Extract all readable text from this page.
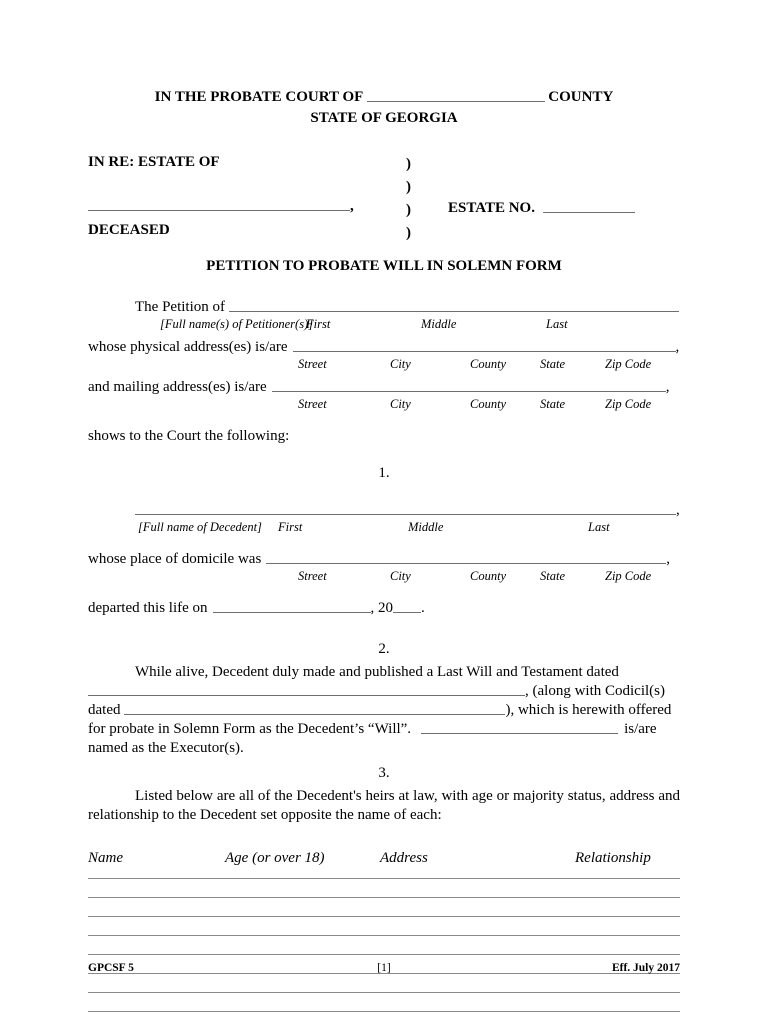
IN THE PROBATE COURT OF	COUNTY
STATE OF GEORGIA
IN RE: ESTATE OF
,
DECEASED
)
)
)
)
ESTATE NO.
PETITION TO PROBATE WILL IN SOLEMN FORM
The Petition of
[Full name(s) of Petitioner(s)]
First	Middle	Last
whose physical address(es) is/are	,
Street	City	County	State	Zip Code
and mailing address(es) is/are	,
Street	City	County	State	Zip Code
shows to the Court the following:
1.
,
[Full name of Decedent] First	Middle	Last
whose place of domicile was	,
Street	City	County	State	Zip Code
departed this life on	, 20 .
2.
While alive, Decedent duly made and published a Last Will and Testament dated
, (along with Codicil(s)
dated	), which is herewith offered
for probate in Solemn Form as the Decedent’s “Will”.	is/are
named as the Executor(s).
3.
Listed below are all of the Decedent's heirs at law, with age or majority status, address and relationship to the Decedent set opposite the name of each:
Name	Age (or over 18)	Address	Relationship
GPCSF 5	[1]	Eff. July 2017
